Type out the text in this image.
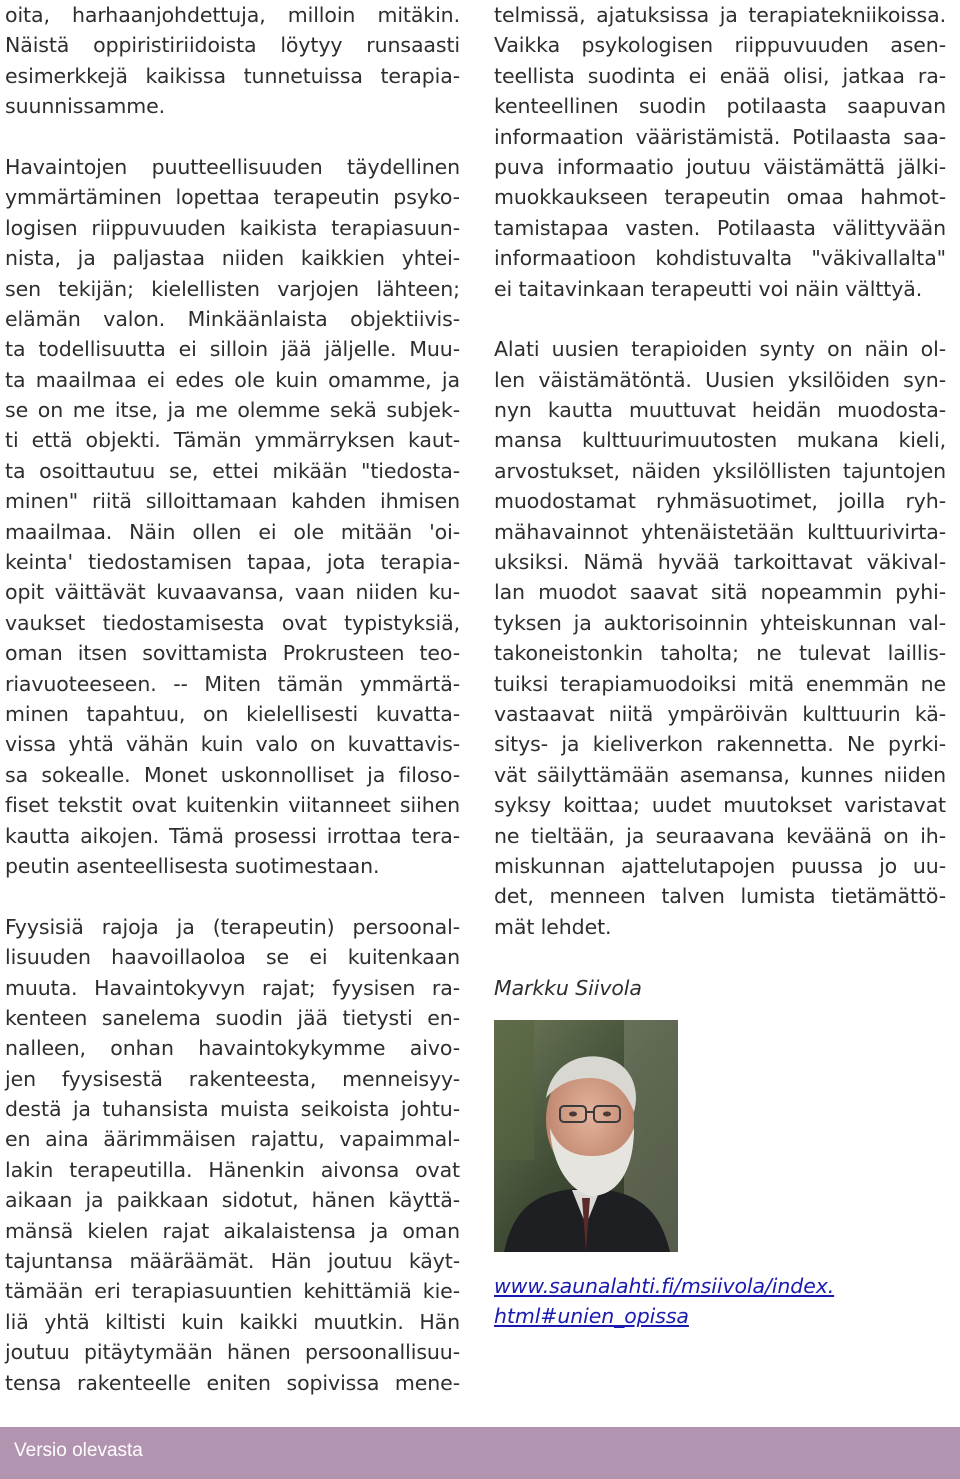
oita, harhaanjohdettuja, milloin mitäkin.
Näistä oppiristiriidoista löytyy runsaasti
esimerkkejä kaikissa tunnetuissa terapia-
suunnissamme.
Havaintojen puutteellisuuden täydellinen
ymmärtäminen lopettaa terapeutin psyko-
logisen riippuvuuden kaikista terapiasuun-
nista, ja paljastaa niiden kaikkien yhtei-
sen tekijän; kielellisten varjojen lähteen;
elämän valon. Minkäänlaista objektiivis-
ta todellisuutta ei silloin jää jäljelle. Muu-
ta maailmaa ei edes ole kuin omamme, ja
se on me itse, ja me olemme sekä subjek-
ti että objekti. Tämän ymmärryksen kaut-
ta osoittautuu se, ettei mikään "tiedosta-
minen" riitä silloittamaan kahden ihmisen
maailmaa. Näin ollen ei ole mitään 'oi-
keinta' tiedostamisen tapaa, jota terapia-
opit väittävät kuvaavansa, vaan niiden ku-
vaukset tiedostamisesta ovat typistyksiä,
oman itsen sovittamista Prokrusteen teo-
riavuoteeseen. -- Miten tämän ymmärtä-
minen tapahtuu, on kielellisesti kuvatta-
vissa yhtä vähän kuin valo on kuvattavis-
sa sokealle. Monet uskonnolliset ja filoso-
fiset tekstit ovat kuitenkin viitanneet siihen
kautta aikojen. Tämä prosessi irrottaa tera-
peutin asenteellisesta suotimestaan.
Fyysisiä rajoja ja (terapeutin) persoonal-
lisuuden haavoillaoloa se ei kuitenkaan
muuta. Havaintokyvyn rajat; fyysisen ra-
kenteen sanelema suodin jää tietysti en-
nalleen, onhan havaintokykymme aivo-
jen fyysisestä rakenteesta, menneisyy-
destä ja tuhansista muista seikoista johtu-
en aina äärimmäisen rajattu, vapaimmal-
lakin terapeutilla. Hänenkin aivonsa ovat
aikaan ja paikkaan sidotut, hänen käyttä-
mänsä kielen rajat aikalaistensa ja oman
tajuntansa määräämät. Hän joutuu käyt-
tämään eri terapiasuuntien kehittämiä kie-
liä yhtä kiltisti kuin kaikki muutkin. Hän
joutuu pitäytymään hänen persoonallisuu-
tensa rakenteelle eniten sopivissa mene-
telmissä, ajatuksissa ja terapiatekniikoissa.
Vaikka psykologisen riippuvuuden asen-
teellista suodinta ei enää olisi, jatkaa ra-
kenteellinen suodin potilaasta saapuvan
informaation vääristämistä. Potilaasta saa-
puva informaatio joutuu väistämättä jälki-
muokkaukseen terapeutin omaa hahmot-
tamistapaa vasten. Potilaasta välittyvään
informaatioon kohdistuvalta "väkivallalta"
ei taitavinkaan terapeutti voi näin välttyä.
Alati uusien terapioiden synty on näin ol-
len väistämätöntä. Uusien yksilöiden syn-
nyn kautta muuttuvat heidän muodosta-
mansa kulttuurimuutosten mukana kieli,
arvostukset, näiden yksilöllisten tajuntojen
muodostamat ryhmäsuotimet, joilla ryh-
mähavainnot yhtenäistetään kulttuurivirta-
uksiksi. Nämä hyvää tarkoittavat väkival-
lan muodot saavat sitä nopeammin pyhi-
tyksen ja auktorisoinnin yhteiskunnan val-
takoneistonkin taholta; ne tulevat laillis-
tuiksi terapiamuodoiksi mitä enemmän ne
vastaavat niitä ympäröivän kulttuurin kä-
sitys- ja kieliverkon rakennetta. Ne pyrki-
vät säilyttämään asemansa, kunnes niiden
syksy koittaa; uudet muutokset varistavat
ne tieltään, ja seuraavana keväänä on ih-
miskunnan ajattelutapojen puussa jo uu-
det, menneen talven lumista tietämättö-
mät lehdet.
Markku Siivola
www.saunalahti.fi/msiivola/index.
html#unien_opissa
Versio olevasta
